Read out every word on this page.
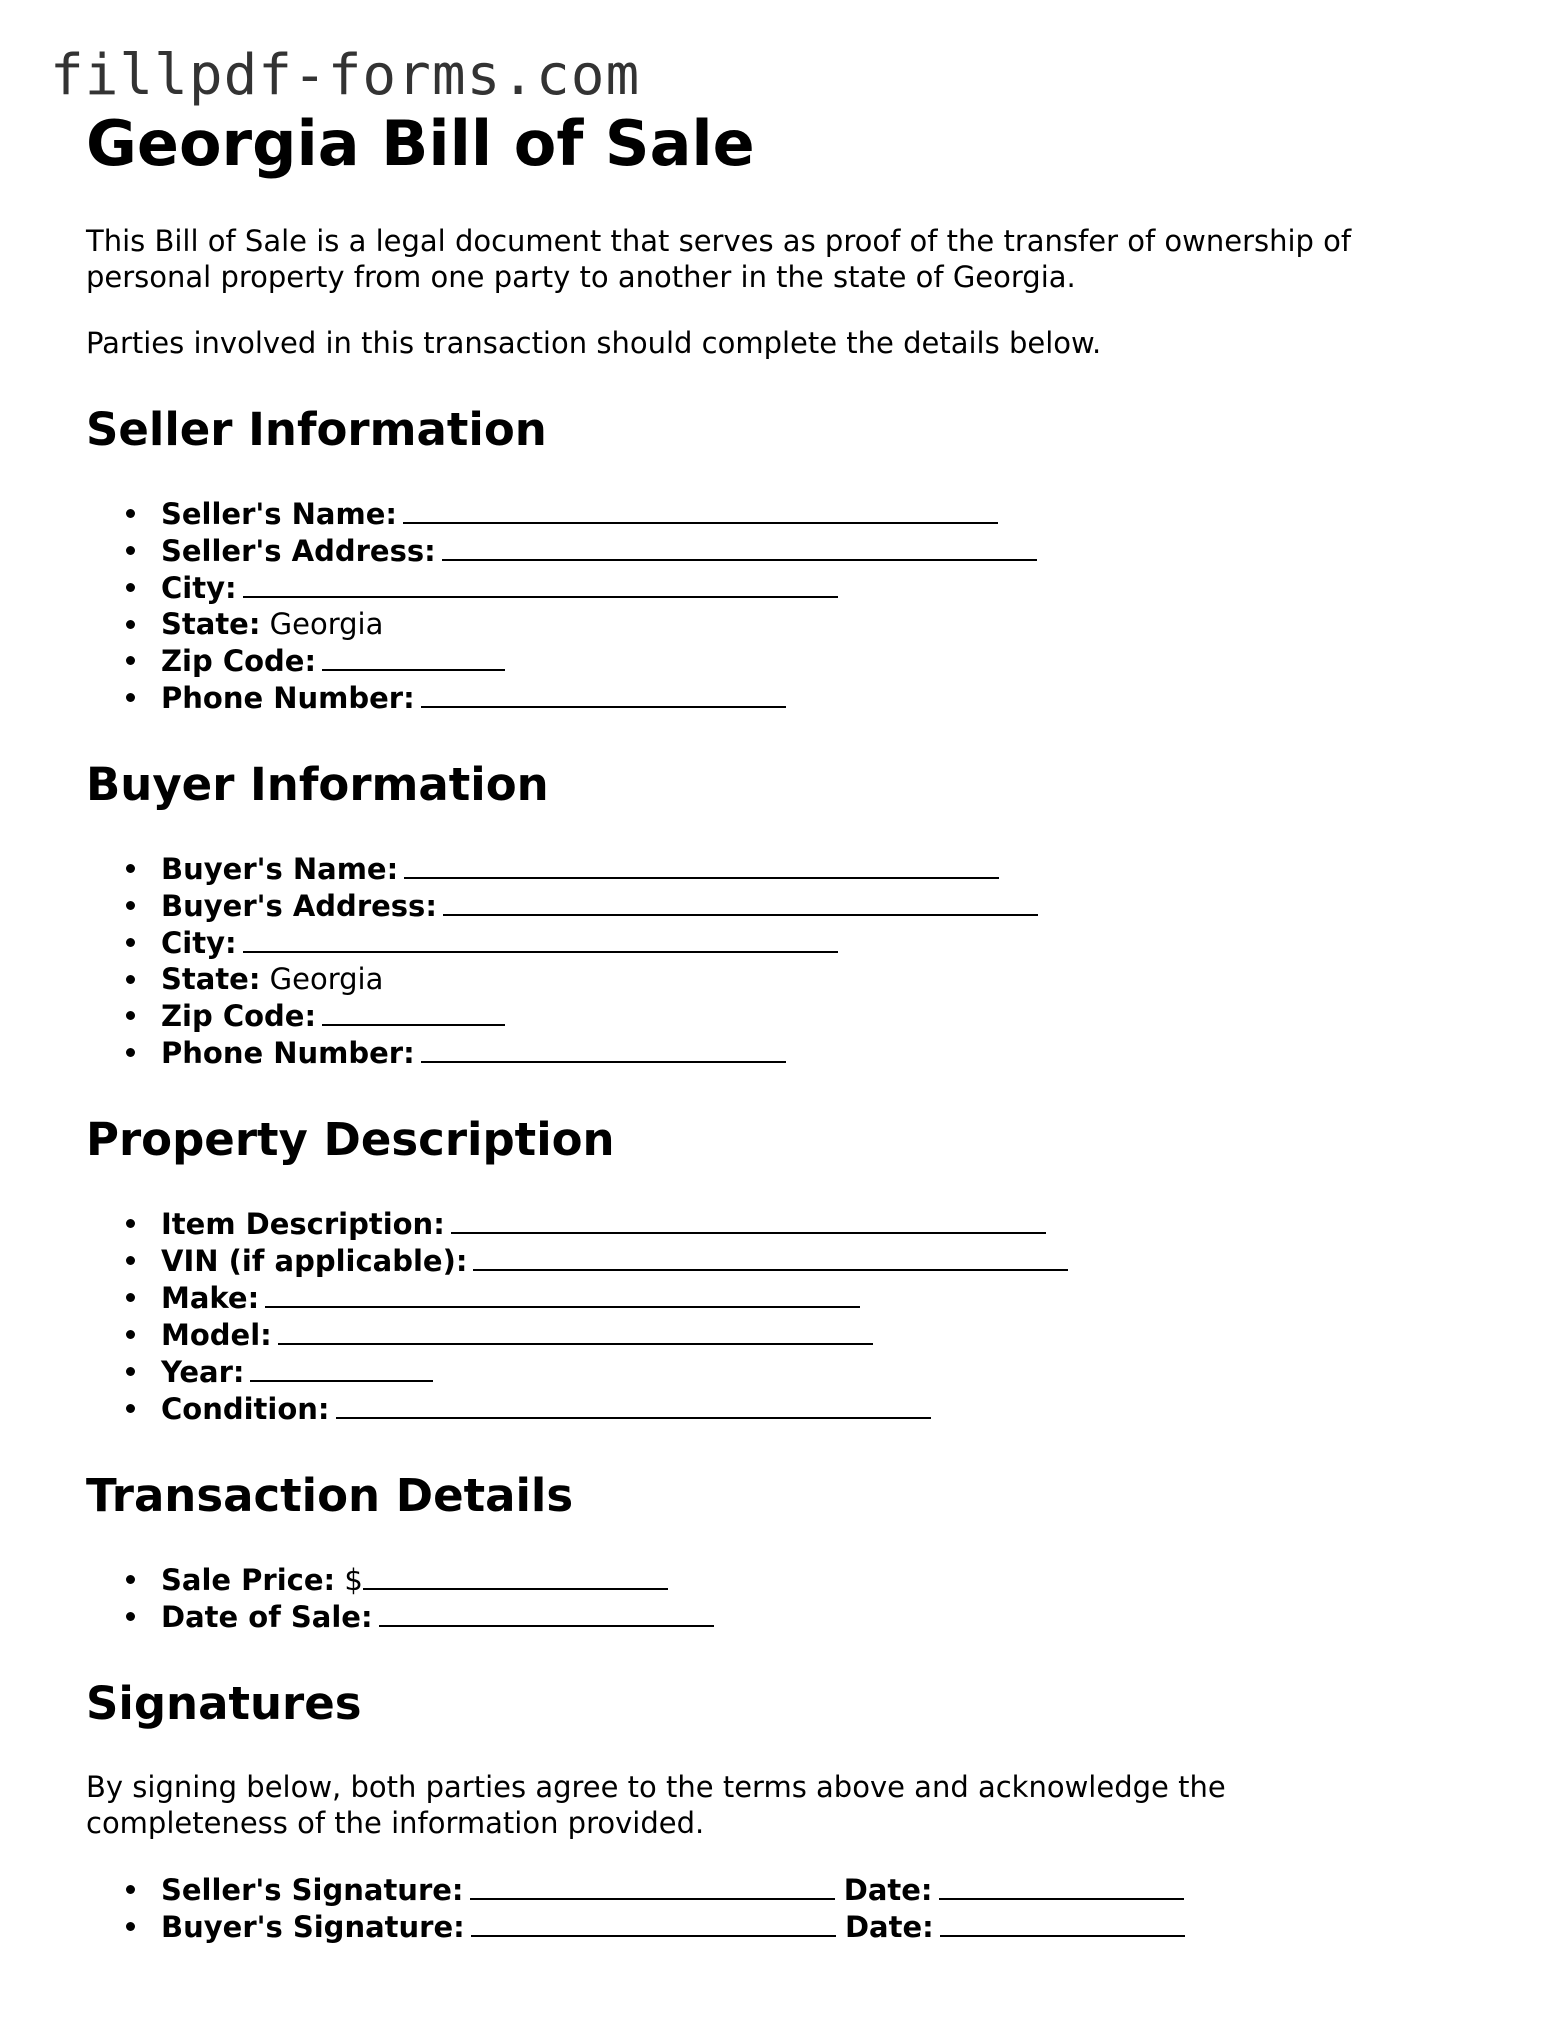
fillpdf-forms.com
Georgia Bill of Sale

This Bill of Sale is a legal document that serves as proof of the transfer of ownership of personal property from one party to another in the state of Georgia.

Parties involved in this transaction should complete the details below.

Seller Information
Seller's Name:
Seller's Address:
City:
State: Georgia
Zip Code:
Phone Number:
Buyer Information
Buyer's Name:
Buyer's Address:
City:
State: Georgia
Zip Code:
Phone Number:
Property Description
Item Description:
VIN (if applicable):
Make:
Model:
Year:
Condition:
Transaction Details
Sale Price: $
Date of Sale:
Signatures

By signing below, both parties agree to the terms above and acknowledge the completeness of the information provided.

Seller's Signature:	Date:
Buyer's Signature:	Date:
